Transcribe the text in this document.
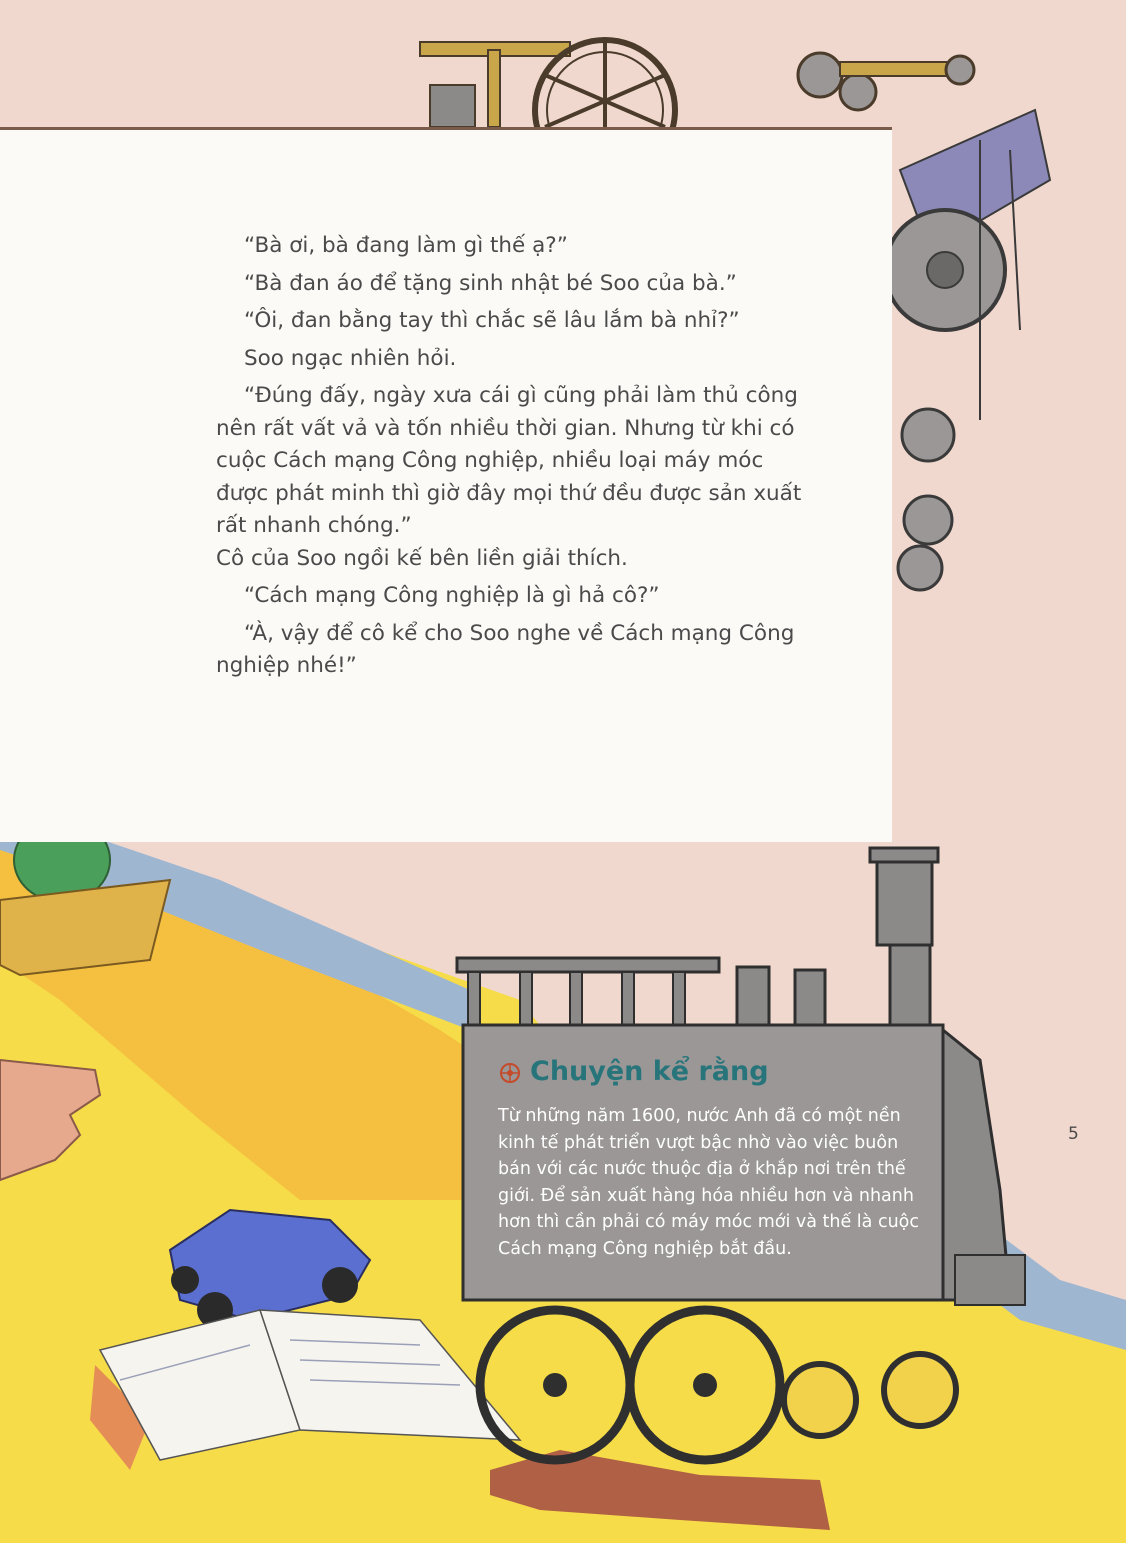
“Bà ơi, bà đang làm gì thế ạ?”

“Bà đan áo để tặng sinh nhật bé Soo của bà.”

“Ôi, đan bằng tay thì chắc sẽ lâu lắm bà nhỉ?”

Soo ngạc nhiên hỏi.

“Đúng đấy, ngày xưa cái gì cũng phải làm thủ công nên rất vất vả và tốn nhiều thời gian. Nhưng từ khi có cuộc Cách mạng Công nghiệp, nhiều loại máy móc được phát minh thì giờ đây mọi thứ đều được sản xuất rất nhanh chóng.”

Cô của Soo ngồi kế bên liền giải thích.

“Cách mạng Công nghiệp là gì hả cô?”

“À, vậy để cô kể cho Soo nghe về Cách mạng Công nghiệp nhé!”

Chuyện kể rằng
Từ những năm 1600, nước Anh đã có một nền kinh tế phát triển vượt bậc nhờ vào việc buôn bán với các nước thuộc địa ở khắp nơi trên thế giới. Để sản xuất hàng hóa nhiều hơn và nhanh hơn thì cần phải có máy móc mới và thế là cuộc Cách mạng Công nghiệp bắt đầu.
5
